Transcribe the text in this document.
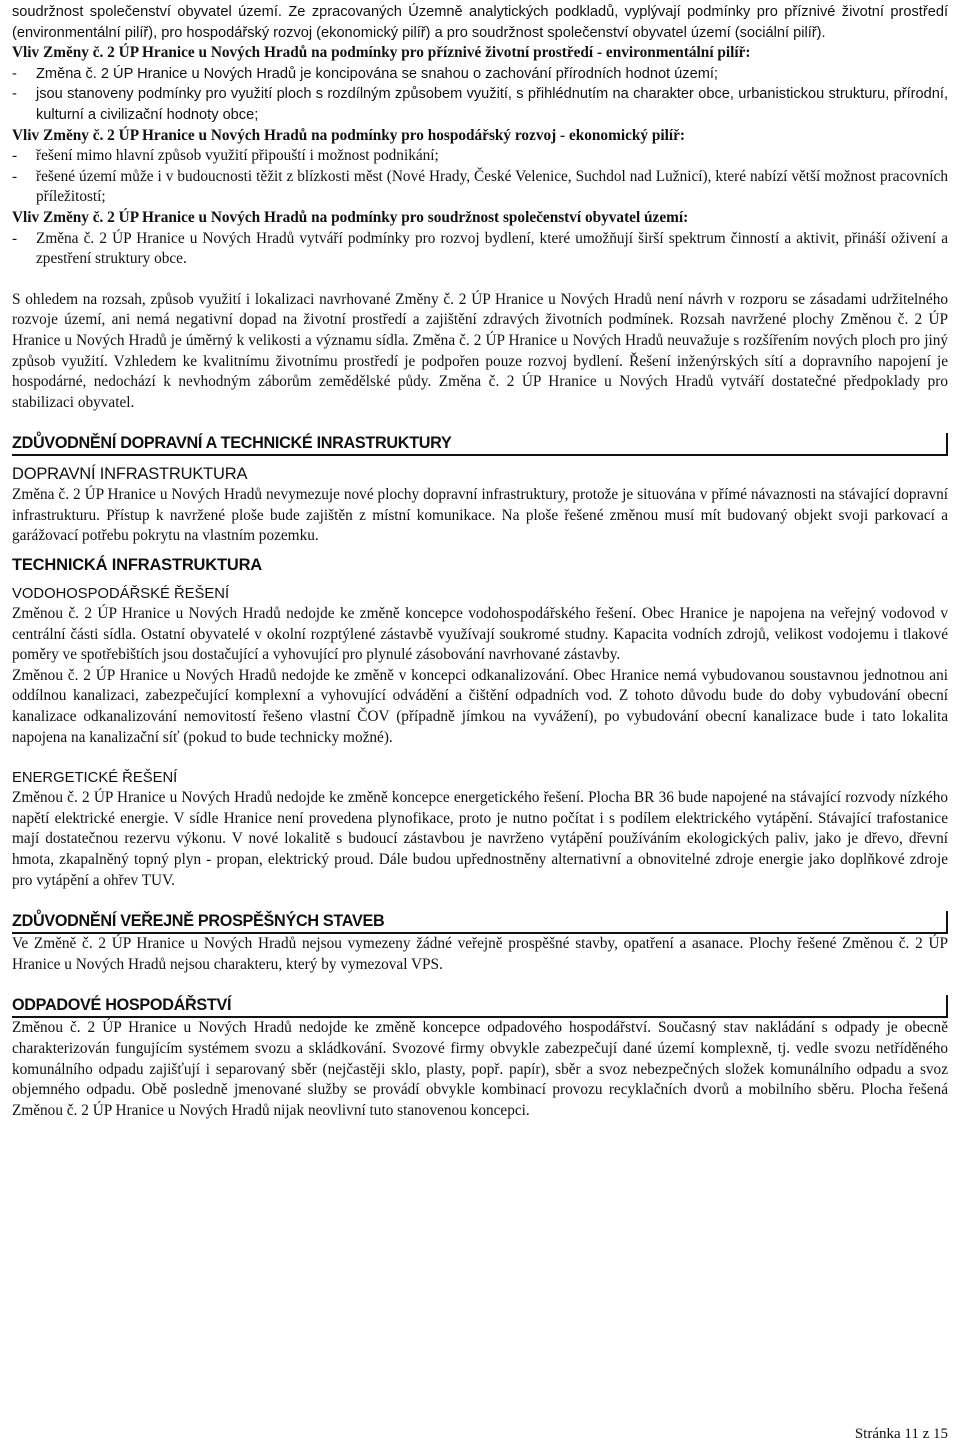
soudržnost společenství obyvatel území. Ze zpracovaných Územně analytických podkladů, vyplývají podmínky pro příznivé životní prostředí (environmentální pilíř), pro hospodářský rozvoj (ekonomický pilíř) a pro soudržnost společenství obyvatel území (sociální pilíř).

Vliv Změny č. 2 ÚP Hranice u Nových Hradů na podmínky pro příznivé životní prostředí - environmentální pilíř:

-	Změna č. 2 ÚP Hranice u Nových Hradů je koncipována se snahou o zachování přírodních hodnot území;
-	jsou stanoveny podmínky pro využití ploch s rozdílným způsobem využití, s přihlédnutím na charakter obce, urbanistickou strukturu, přírodní, kulturní a civilizační hodnoty obce;

Vliv Změny č. 2 ÚP Hranice u Nových Hradů na podmínky pro hospodářský rozvoj - ekonomický pilíř:

-	řešení mimo hlavní způsob využití připouští i možnost podnikání;
-	řešené území může i v budoucnosti těžit z blízkosti měst (Nové Hrady, České Velenice, Suchdol nad Lužnicí), které nabízí větší možnost pracovních příležitostí;

Vliv Změny č. 2 ÚP Hranice u Nových Hradů na podmínky pro soudržnost společenství obyvatel území:

-	Změna č. 2 ÚP Hranice u Nových Hradů vytváří podmínky pro rozvoj bydlení, které umožňují širší spektrum činností a aktivit, přináší oživení a zpestření struktury obce.

S ohledem na rozsah, způsob využití i lokalizaci navrhované Změny č. 2 ÚP Hranice u Nových Hradů není návrh v rozporu se zásadami udržitelného rozvoje území, ani nemá negativní dopad na životní prostředí a zajištění zdravých životních podmínek. Rozsah navržené plochy Změnou č. 2 ÚP Hranice u Nových Hradů je úměrný k velikosti a významu sídla. Změna č. 2 ÚP Hranice u Nových Hradů neuvažuje s rozšířením nových ploch pro jiný způsob využití. Vzhledem ke kvalitnímu životnímu prostředí je podpořen pouze rozvoj bydlení. Řešení inženýrských sítí a dopravního napojení je hospodárné, nedochází k nevhodným záborům zemědělské půdy. Změna č. 2 ÚP Hranice u Nových Hradů vytváří dostatečné předpoklady pro stabilizaci obyvatel.

ZDŮVODNĚNÍ DOPRAVNÍ A TECHNICKÉ INRASTRUKTURY
DOPRAVNÍ INFRASTRUKTURA

Změna č. 2 ÚP Hranice u Nových Hradů nevymezuje nové plochy dopravní infrastruktury, protože je situována v přímé návaznosti na stávající dopravní infrastrukturu. Přístup k navržené ploše bude zajištěn z místní komunikace. Na ploše řešené změnou musí mít budovaný objekt svoji parkovací a garážovací potřebu pokrytu na vlastním pozemku.

TECHNICKÁ INFRASTRUKTURA
VODOHOSPODÁŘSKÉ ŘEŠENÍ

Změnou č. 2 ÚP Hranice u Nových Hradů nedojde ke změně koncepce vodohospodářského řešení. Obec Hranice je napojena na veřejný vodovod v centrální části sídla. Ostatní obyvatelé v okolní rozptýlené zástavbě využívají soukromé studny. Kapacita vodních zdrojů, velikost vodojemu i tlakové poměry ve spotřebištích jsou dostačující a vyhovující pro plynulé zásobování navrhované zástavby.

Změnou č. 2 ÚP Hranice u Nových Hradů nedojde ke změně v koncepci odkanalizování. Obec Hranice nemá vybudovanou soustavnou jednotnou ani oddílnou kanalizaci, zabezpečující komplexní a vyhovující odvádění a čištění odpadních vod. Z tohoto důvodu bude do doby vybudování obecní kanalizace odkanalizování nemovitostí řešeno vlastní ČOV (případně jímkou na vyvážení), po vybudování obecní kanalizace bude i tato lokalita napojena na kanalizační síť (pokud to bude technicky možné).

ENERGETICKÉ ŘEŠENÍ

Změnou č. 2 ÚP Hranice u Nových Hradů nedojde ke změně koncepce energetického řešení. Plocha BR 36 bude napojené na stávající rozvody nízkého napětí elektrické energie. V sídle Hranice není provedena plynofikace, proto je nutno počítat i s podílem elektrického vytápění. Stávající trafostanice mají dostatečnou rezervu výkonu. V nové lokalitě s budoucí zástavbou je navrženo vytápění používáním ekologických paliv, jako je dřevo, dřevní hmota, zkapalněný topný plyn - propan, elektrický proud. Dále budou upřednostněny alternativní a obnovitelné zdroje energie jako doplňkové zdroje pro vytápění a ohřev TUV.

ZDŮVODNĚNÍ VEŘEJNĚ PROSPĚŠNÝCH STAVEB

Ve Změně č. 2 ÚP Hranice u Nových Hradů nejsou vymezeny žádné veřejně prospěšné stavby, opatření a asanace. Plochy řešené Změnou č. 2 ÚP Hranice u Nových Hradů nejsou charakteru, který by vymezoval VPS.

ODPADOVÉ HOSPODÁŘSTVÍ

Změnou č. 2 ÚP Hranice u Nových Hradů nedojde ke změně koncepce odpadového hospodářství. Současný stav nakládání s odpady je obecně charakterizován fungujícím systémem svozu a skládkování. Svozové firmy obvykle zabezpečují dané území komplexně, tj. vedle svozu netříděného komunálního odpadu zajišťují i separovaný sběr (nejčastěji sklo, plasty, popř. papír), sběr a svoz nebezpečných složek komunálního odpadu a svoz objemného odpadu. Obě posledně jmenované služby se provádí obvykle kombinací provozu recyklačních dvorů a mobilního sběru. Plocha řešená Změnou č. 2 ÚP Hranice u Nových Hradů nijak neovlivní tuto stanovenou koncepci.

Stránka 11 z 15
